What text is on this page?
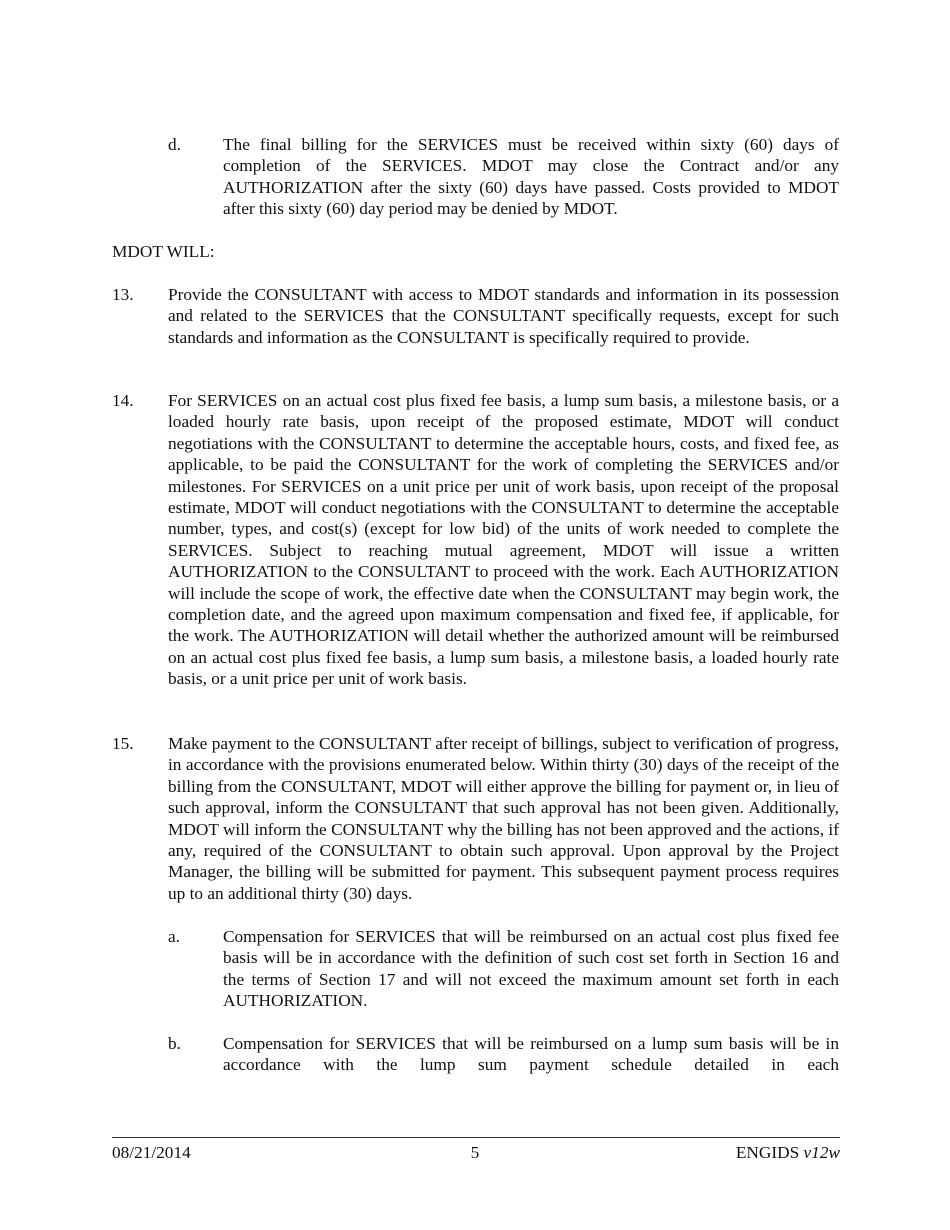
d. The final billing for the SERVICES must be received within sixty (60) days of completion of the SERVICES. MDOT may close the Contract and/or any AUTHORIZATION after the sixty (60) days have passed. Costs provided to MDOT after this sixty (60) day period may be denied by MDOT.
MDOT WILL:
13. Provide the CONSULTANT with access to MDOT standards and information in its possession and related to the SERVICES that the CONSULTANT specifically requests, except for such standards and information as the CONSULTANT is specifically required to provide.
14. For SERVICES on an actual cost plus fixed fee basis, a lump sum basis, a milestone basis, or a loaded hourly rate basis, upon receipt of the proposed estimate, MDOT will conduct negotiations with the CONSULTANT to determine the acceptable hours, costs, and fixed fee, as applicable, to be paid the CONSULTANT for the work of completing the SERVICES and/or milestones. For SERVICES on a unit price per unit of work basis, upon receipt of the proposal estimate, MDOT will conduct negotiations with the CONSULTANT to determine the acceptable number, types, and cost(s) (except for low bid) of the units of work needed to complete the SERVICES. Subject to reaching mutual agreement, MDOT will issue a written AUTHORIZATION to the CONSULTANT to proceed with the work. Each AUTHORIZATION will include the scope of work, the effective date when the CONSULTANT may begin work, the completion date, and the agreed upon maximum compensation and fixed fee, if applicable, for the work. The AUTHORIZATION will detail whether the authorized amount will be reimbursed on an actual cost plus fixed fee basis, a lump sum basis, a milestone basis, a loaded hourly rate basis, or a unit price per unit of work basis.
15. Make payment to the CONSULTANT after receipt of billings, subject to verification of progress, in accordance with the provisions enumerated below. Within thirty (30) days of the receipt of the billing from the CONSULTANT, MDOT will either approve the billing for payment or, in lieu of such approval, inform the CONSULTANT that such approval has not been given. Additionally, MDOT will inform the CONSULTANT why the billing has not been approved and the actions, if any, required of the CONSULTANT to obtain such approval. Upon approval by the Project Manager, the billing will be submitted for payment. This subsequent payment process requires up to an additional thirty (30) days.
a. Compensation for SERVICES that will be reimbursed on an actual cost plus fixed fee basis will be in accordance with the definition of such cost set forth in Section 16 and the terms of Section 17 and will not exceed the maximum amount set forth in each AUTHORIZATION.
b. Compensation for SERVICES that will be reimbursed on a lump sum basis will be in accordance with the lump sum payment schedule detailed in each
08/21/2014	5	ENGIDS v12w
